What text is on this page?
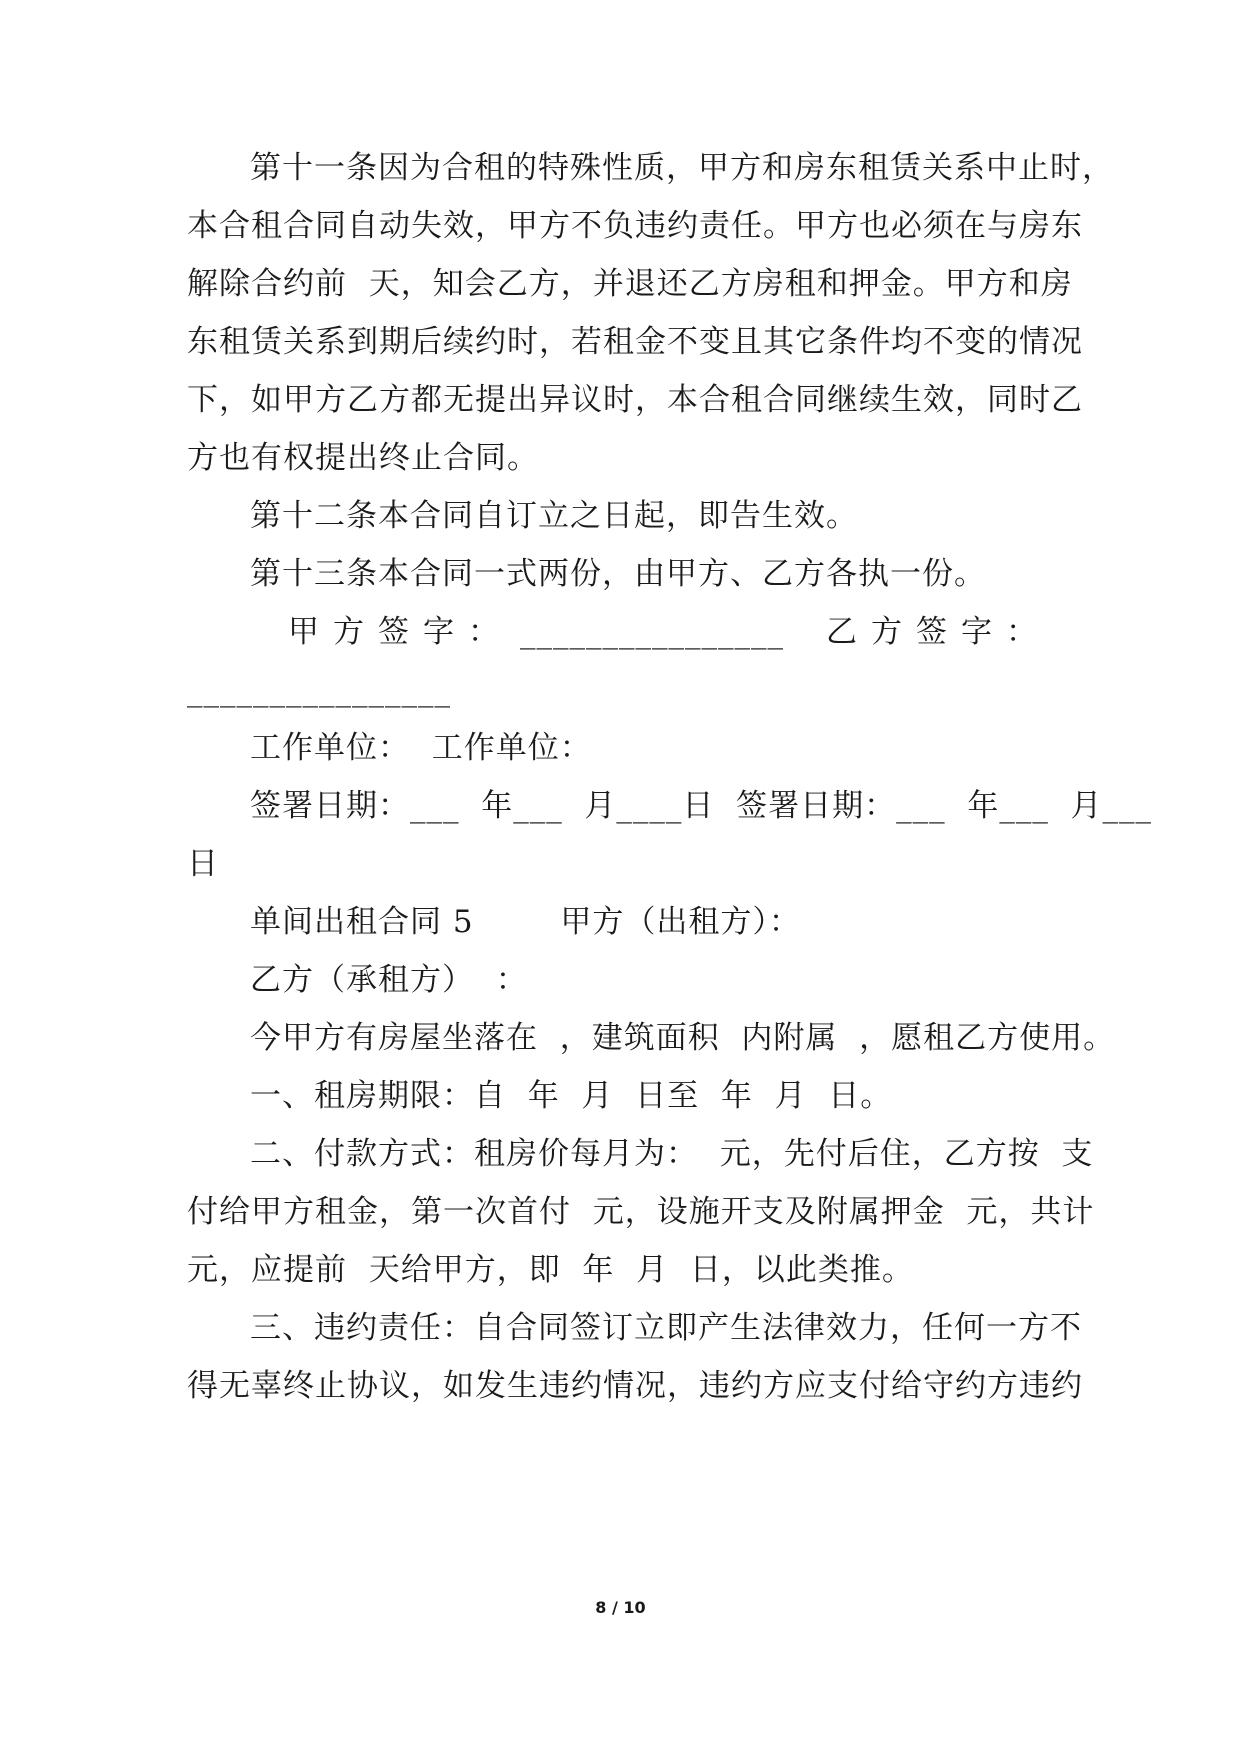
第十一条因为合租的特殊性质，甲方和房东租赁关系中止时，
本合租合同自动失效，甲方不负违约责任。甲方也必须在与房东
解除合约前  天，知会乙方，并退还乙方房租和押金。甲方和房
东租赁关系到期后续约时，若租金不变且其它条件均不变的情况
下，如甲方乙方都无提出异议时，本合租合同继续生效，同时乙
方也有权提出终止合同。
第十二条本合同自订立之日起，即告生效。
第十三条本合同一式两份，由甲方、乙方各执一份。
甲方签字： ________________ 乙方签字：
________________
工作单位：  工作单位：
签署日期：___  年___  月____日  签署日期：___  年___  月___
日
单间出租合同 5        甲方（出租方）：
乙方（承租方）  ：
今甲方有房屋坐落在  ，建筑面积  内附属  ，愿租乙方使用。
一、租房期限：自  年  月  日至  年  月  日。
二、付款方式：租房价每月为：  元，先付后住，乙方按  支
付给甲方租金，第一次首付  元，设施开支及附属押金  元，共计
元，应提前  天给甲方，即  年  月  日，以此类推。
三、违约责任：自合同签订立即产生法律效力，任何一方不
得无辜终止协议，如发生违约情况，违约方应支付给守约方违约
8 / 10
